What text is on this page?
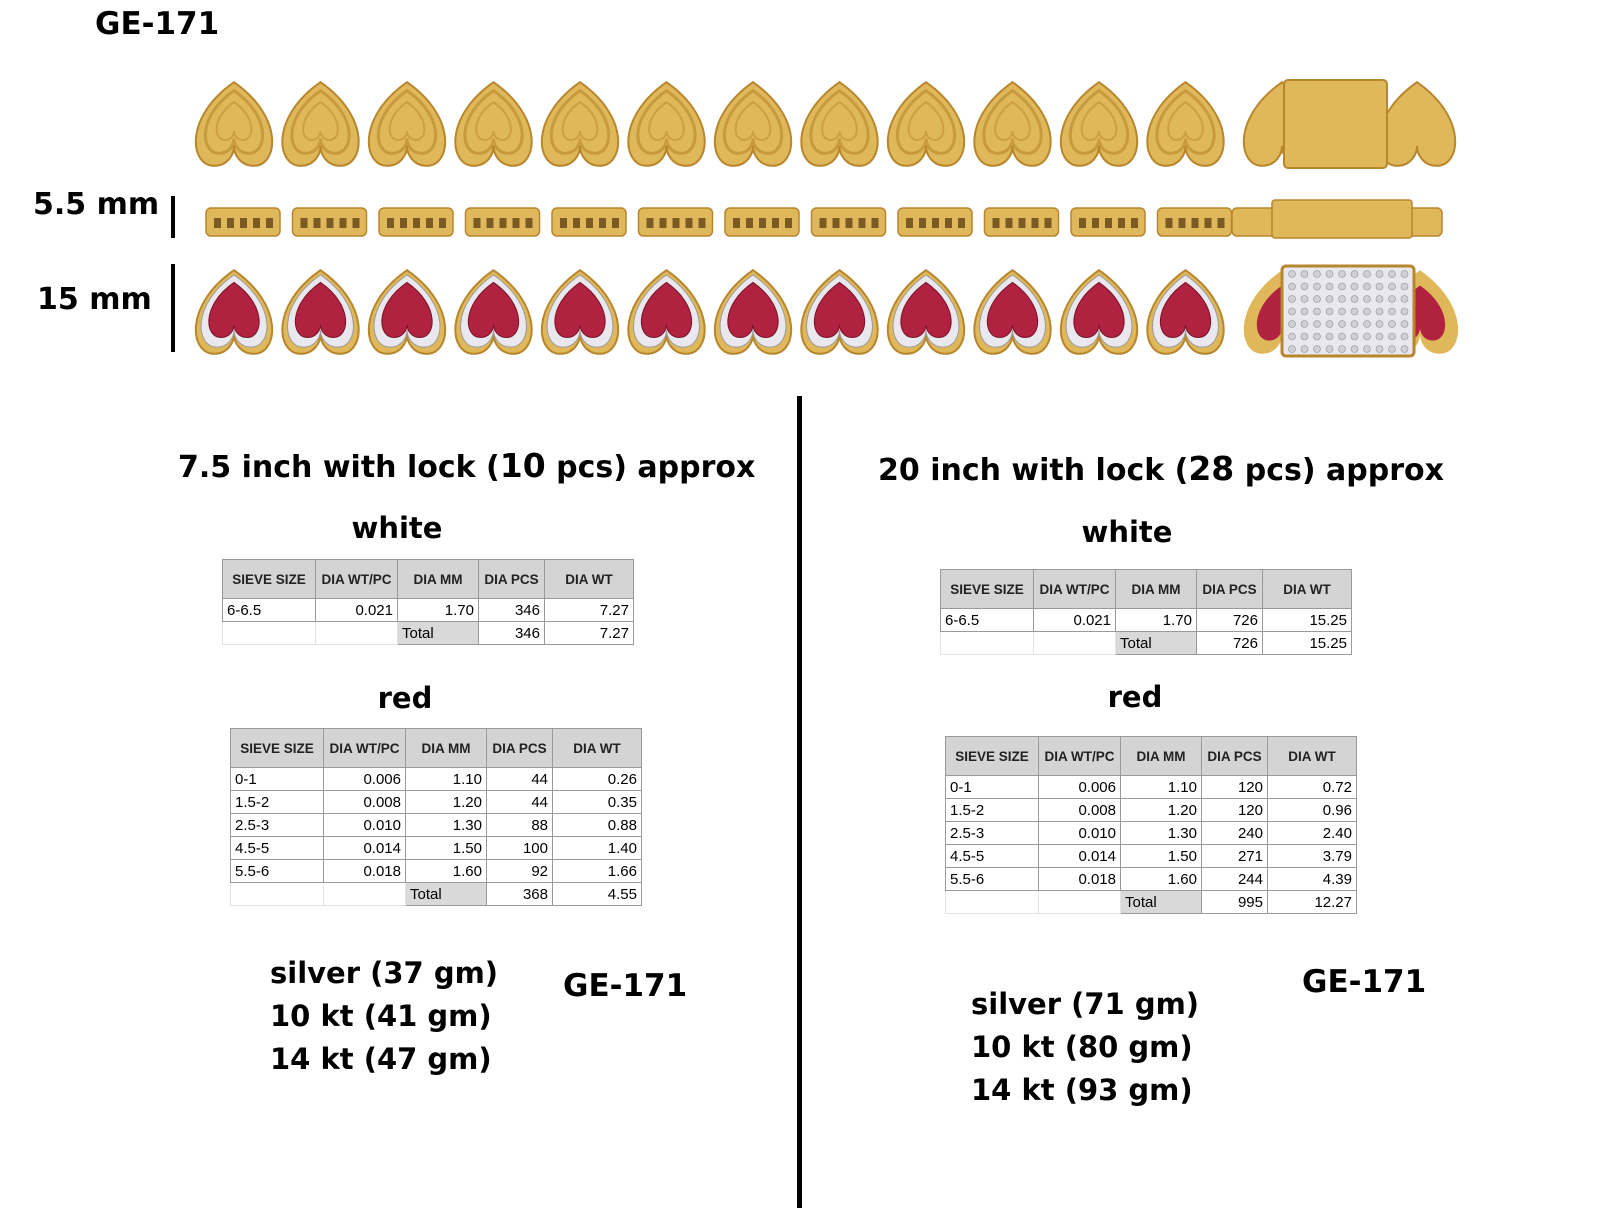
GE-171
5.5 mm
15 mm
7.5 inch with lock (10 pcs) approx
white
SIEVE SIZE	DIA WT/PC	DIA MM	DIA PCS	DIA WT
6-6.5	0.021	1.70	346	7.27
		Total	346	7.27
red
SIEVE SIZE	DIA WT/PC	DIA MM	DIA PCS	DIA WT
0-1	0.006	1.10	44	0.26
1.5-2	0.008	1.20	44	0.35
2.5-3	0.010	1.30	88	0.88
4.5-5	0.014	1.50	100	1.40
5.5-6	0.018	1.60	92	1.66
		Total	368	4.55
silver (37 gm)
10 kt (41 gm)
14 kt (47 gm)
GE-171
20 inch with lock (28 pcs) approx
white
SIEVE SIZE	DIA WT/PC	DIA MM	DIA PCS	DIA WT
6-6.5	0.021	1.70	726	15.25
		Total	726	15.25
red
SIEVE SIZE	DIA WT/PC	DIA MM	DIA PCS	DIA WT
0-1	0.006	1.10	120	0.72
1.5-2	0.008	1.20	120	0.96
2.5-3	0.010	1.30	240	2.40
4.5-5	0.014	1.50	271	3.79
5.5-6	0.018	1.60	244	4.39
		Total	995	12.27
silver (71 gm)
10 kt (80 gm)
14 kt (93 gm)
GE-171
